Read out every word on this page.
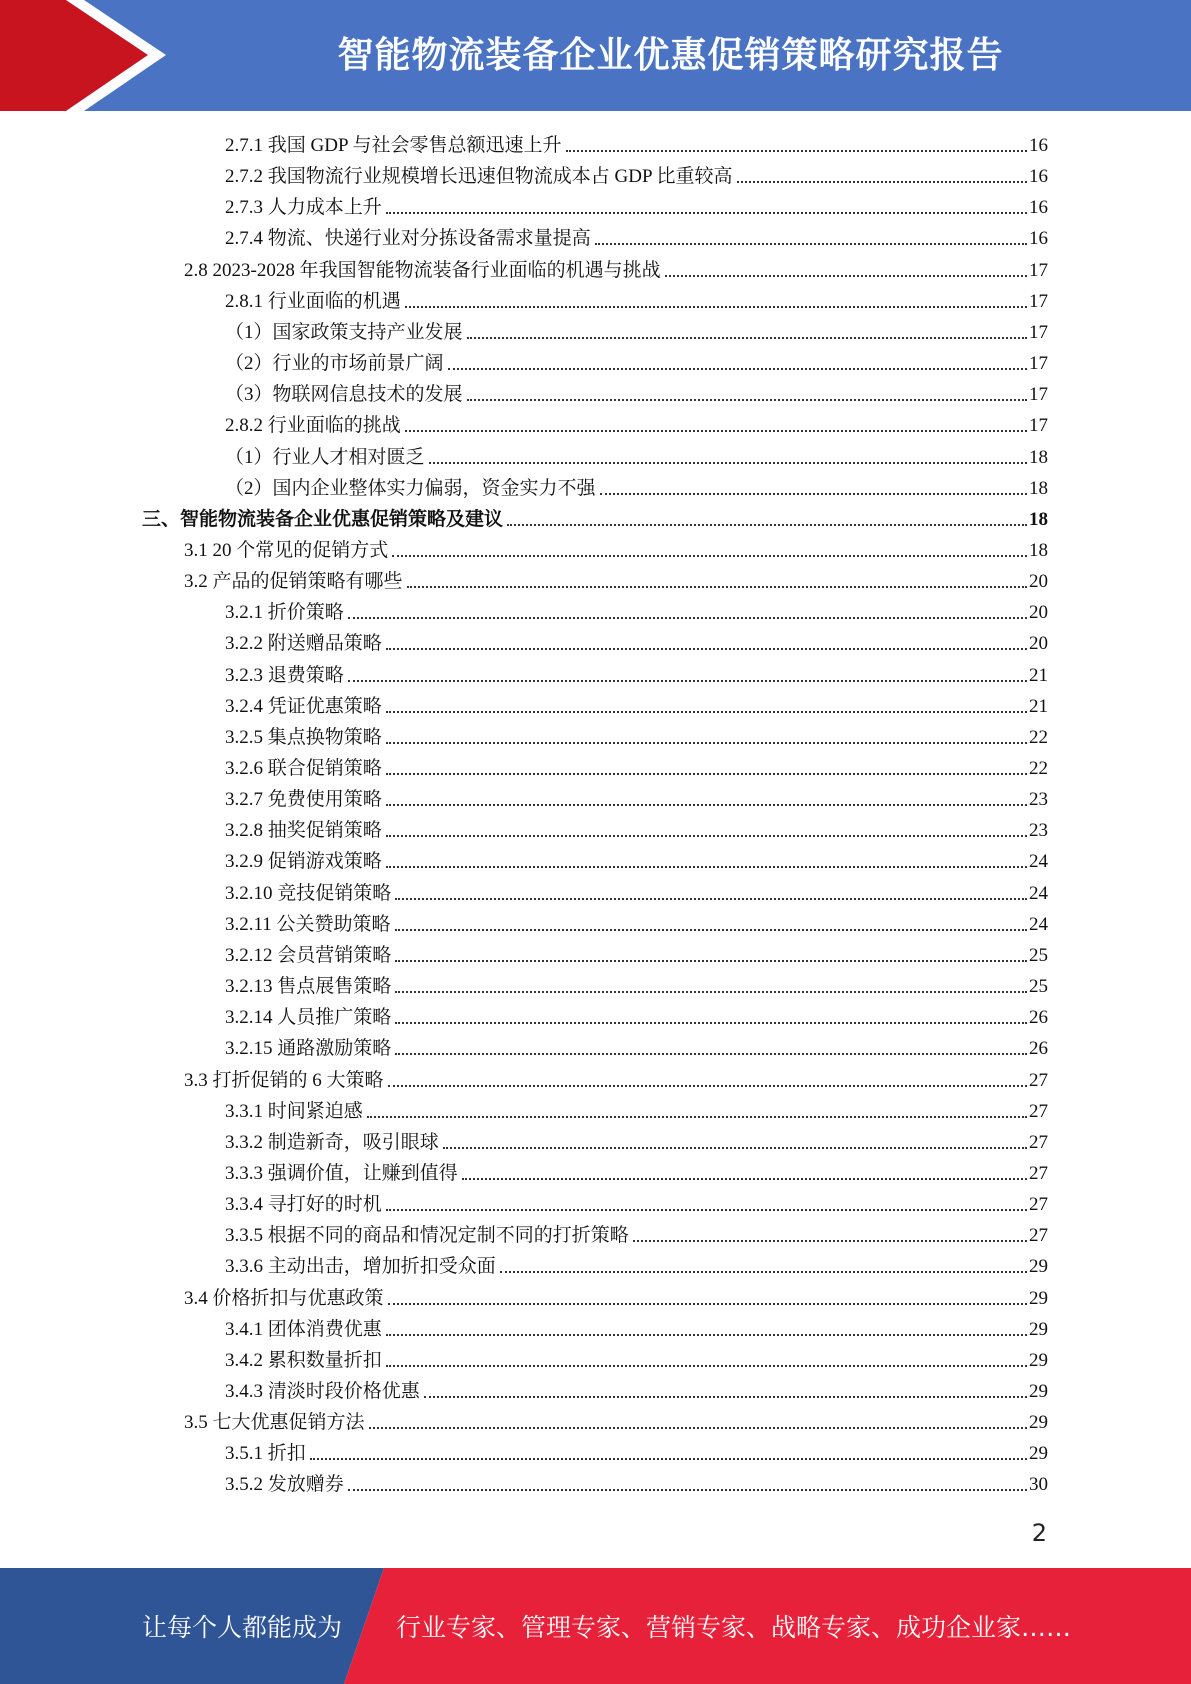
智能物流装备企业优惠促销策略研究报告
2.7.1 我国 GDP 与社会零售总额迅速上升	16
2.7.2 我国物流行业规模增长迅速但物流成本占 GDP 比重较高	16
2.7.3 人力成本上升	16
2.7.4 物流、快递行业对分拣设备需求量提高	16
2.8 2023-2028 年我国智能物流装备行业面临的机遇与挑战	17
2.8.1 行业面临的机遇	17
（1）国家政策支持产业发展	17
（2）行业的市场前景广阔	17
（3）物联网信息技术的发展	17
2.8.2 行业面临的挑战	17
（1）行业人才相对匮乏	18
（2）国内企业整体实力偏弱，资金实力不强	18
三、智能物流装备企业优惠促销策略及建议	18
3.1 20 个常见的促销方式	18
3.2 产品的促销策略有哪些	20
3.2.1 折价策略	20
3.2.2 附送赠品策略	20
3.2.3 退费策略	21
3.2.4 凭证优惠策略	21
3.2.5 集点换物策略	22
3.2.6 联合促销策略	22
3.2.7 免费使用策略	23
3.2.8 抽奖促销策略	23
3.2.9 促销游戏策略	24
3.2.10 竞技促销策略	24
3.2.11 公关赞助策略	24
3.2.12 会员营销策略	25
3.2.13 售点展售策略	25
3.2.14 人员推广策略	26
3.2.15 通路激励策略	26
3.3 打折促销的 6 大策略	27
3.3.1 时间紧迫感	27
3.3.2 制造新奇，吸引眼球	27
3.3.3 强调价值，让赚到值得	27
3.3.4 寻打好的时机	27
3.3.5 根据不同的商品和情况定制不同的打折策略	27
3.3.6 主动出击，增加折扣受众面	29
3.4 价格折扣与优惠政策	29
3.4.1 团体消费优惠	29
3.4.2 累积数量折扣	29
3.4.3 清淡时段价格优惠	29
3.5 七大优惠促销方法	29
3.5.1 折扣	29
3.5.2 发放赠券	30
2
让每个人都能成为 行业专家、管理专家、营销专家、战略专家、成功企业家……
